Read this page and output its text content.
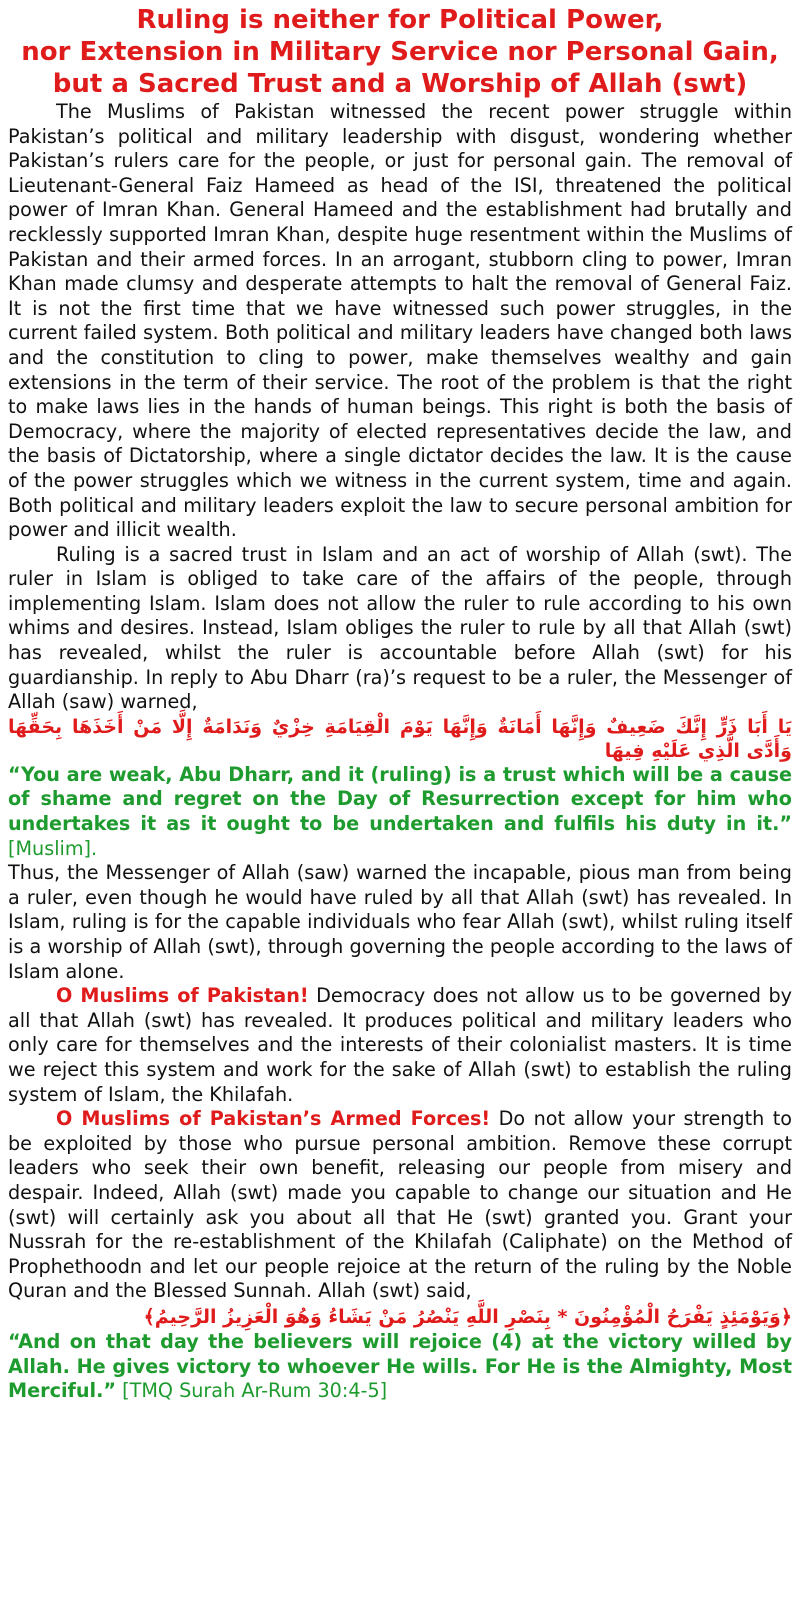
Ruling is neither for Political Power,
nor Extension in Military Service nor Personal Gain,
but a Sacred Trust and a Worship of Allah (swt)

The Muslims of Pakistan witnessed the recent power struggle within Pakistan’s political and military leadership with disgust, wondering whether Pakistan’s rulers care for the people, or just for personal gain. The removal of Lieutenant-General Faiz Hameed as head of the ISI, threatened the political power of Imran Khan. General Hameed and the establishment had brutally and recklessly supported Imran Khan, despite huge resentment within the Muslims of Pakistan and their armed forces. In an arrogant, stubborn cling to power, Imran Khan made clumsy and desperate attempts to halt the removal of General Faiz. It is not the first time that we have witnessed such power struggles, in the current failed system. Both political and military leaders have changed both laws and the constitution to cling to power, make themselves wealthy and gain extensions in the term of their service. The root of the problem is that the right to make laws lies in the hands of human beings. This right is both the basis of Democracy, where the majority of elected representatives decide the law, and the basis of Dictatorship, where a single dictator decides the law. It is the cause of the power struggles which we witness in the current system, time and again. Both political and military leaders exploit the law to secure personal ambition for power and illicit wealth.

Ruling is a sacred trust in Islam and an act of worship of Allah (swt). The ruler in Islam is obliged to take care of the affairs of the people, through implementing Islam. Islam does not allow the ruler to rule according to his own whims and desires. Instead, Islam obliges the ruler to rule by all that Allah (swt) has revealed, whilst the ruler is accountable before Allah (swt) for his guardianship. In reply to Abu Dharr (ra)’s request to be a ruler, the Messenger of Allah (saw) warned,

يَا أَبَا ذَرٍّ إِنَّكَ ضَعِيفٌ وَإِنَّهَا أَمَانَةٌ وَإِنَّهَا يَوْمَ الْقِيَامَةِ خِزْيٌ وَنَدَامَةٌ إِلَّا مَنْ أَخَذَهَا بِحَقِّهَا وَأَدَّى الَّذِي عَلَيْهِ فِيهَا

“You are weak, Abu Dharr, and it (ruling) is a trust which will be a cause of shame and regret on the Day of Resurrection except for him who undertakes it as it ought to be undertaken and fulfils his duty in it.” [Muslim].

Thus, the Messenger of Allah (saw) warned the incapable, pious man from being a ruler, even though he would have ruled by all that Allah (swt) has revealed. In Islam, ruling is for the capable individuals who fear Allah (swt), whilst ruling itself is a worship of Allah (swt), through governing the people according to the laws of Islam alone.

O Muslims of Pakistan! Democracy does not allow us to be governed by all that Allah (swt) has revealed. It produces political and military leaders who only care for themselves and the interests of their colonialist masters. It is time we reject this system and work for the sake of Allah (swt) to establish the ruling system of Islam, the Khilafah.

O Muslims of Pakistan’s Armed Forces! Do not allow your strength to be exploited by those who pursue personal ambition. Remove these corrupt leaders who seek their own benefit, releasing our people from misery and despair. Indeed, Allah (swt) made you capable to change our situation and He (swt) will certainly ask you about all that He (swt) granted you. Grant your Nussrah for the re-establishment of the Khilafah (Caliphate) on the Method of Prophethoodn and let our people rejoice at the return of the ruling by the Noble Quran and the Blessed Sunnah. Allah (swt) said,

﴿وَيَوْمَئِذٍ يَفْرَحُ الْمُؤْمِنُونَ * بِنَصْرِ اللَّهِ يَنْصُرُ مَنْ يَشَاءُ وَهُوَ الْعَزِيزُ الرَّحِيمُ﴾

“And on that day the believers will rejoice (4) at the victory willed by Allah. He gives victory to whoever He wills. For He is the Almighty, Most Merciful.” [TMQ Surah Ar-Rum 30:4-5]
